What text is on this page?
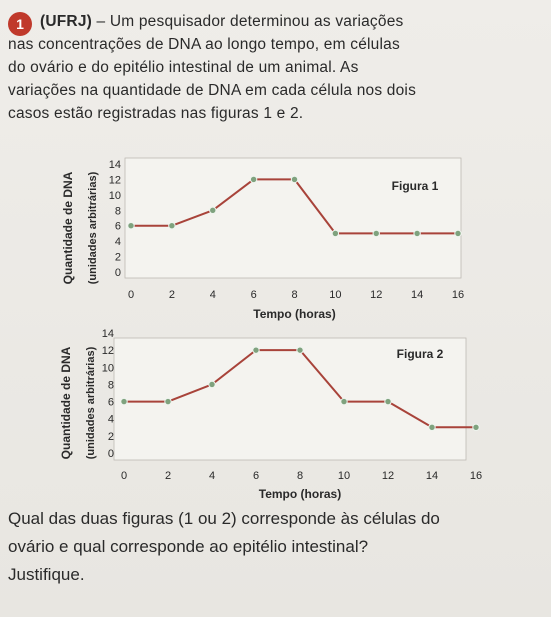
1	(UFRJ) – Um pesquisador determinou as variações
nas concentrações de DNA ao longo tempo, em células
do ovário e do epitélio intestinal de um animal. As
variações na quantidade de DNA em cada célula nos dois
casos estão registradas nas figuras 1 e 2.
Figura 1
0
2
4
6
8
10
12
14
0	2	4	6	8	10	12	14	16
Tempo (horas)
Quantidade de DNA (unidades arbitrárias)
Figura 2
0
2
4
6
8
10
12
14
0	2	4	6	8	10	12	14	16
Tempo (horas)
Quantidade de DNA (unidades arbitrárias)
Qual das duas figuras (1 ou 2) corresponde às células do
ovário e qual corresponde ao epitélio intestinal?
Justifique.
